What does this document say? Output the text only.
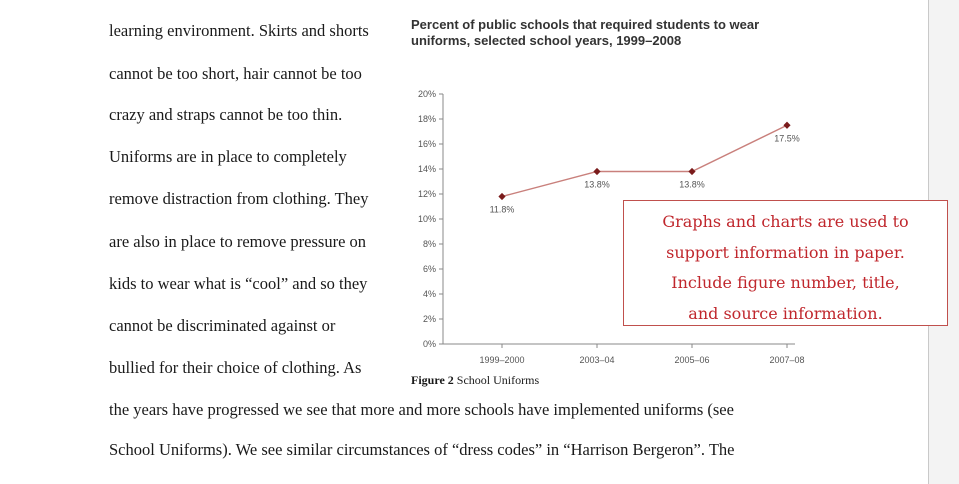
learning environment. Skirts and shorts
cannot be too short, hair cannot be too
crazy and straps cannot be too thin.
Uniforms are in place to completely
remove distraction from clothing. They
are also in place to remove pressure on
kids to wear what is “cool” and so they
cannot be discriminated against or
bullied for their choice of clothing. As
the years have progressed we see that more and more schools have implemented uniforms (see
School Uniforms). We see similar circumstances of “dress codes” in “Harrison Bergeron”. The
Percent of public schools that required students to wear
uniforms, selected school years, 1999–2008
0%
2%
4%
6%
8%
10%
12%
14%
16%
18%
20%
1999–2000	2003–04	2005–06	2007–08
11.8%
13.8%	13.8%
17.5%
Figure 2 School Uniforms
Graphs and charts are used to
support information in paper.
Include figure number, title,
and source information.
